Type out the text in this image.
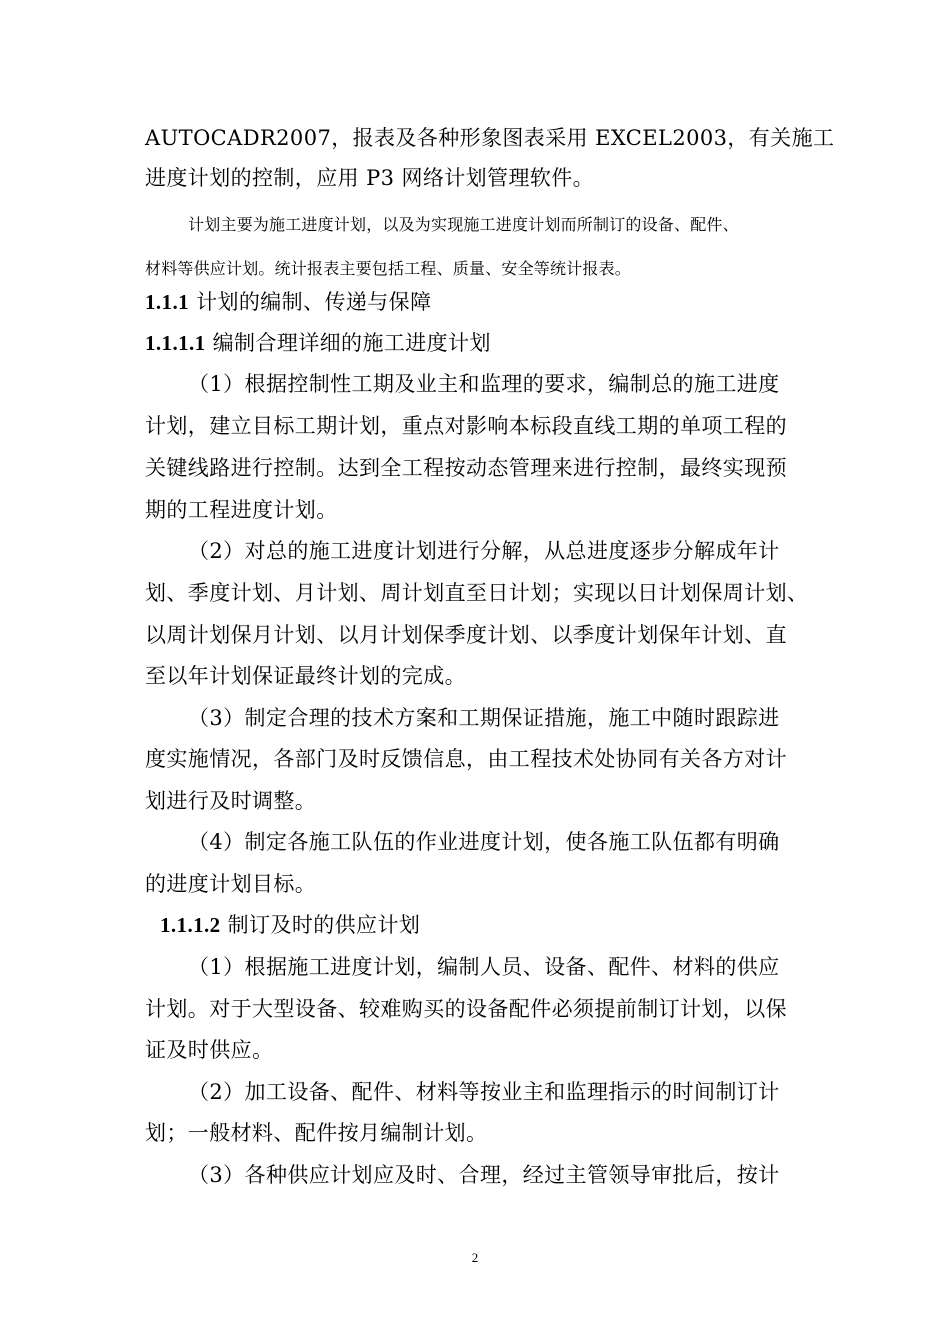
AUTOCADR2007，报表及各种形象图表采用 EXCEL2003，有关施工
进度计划的控制，应用 P3 网络计划管理软件。
计划主要为施工进度计划，以及为实现施工进度计划而所制订的设备、配件、
材料等供应计划。统计报表主要包括工程、质量、安全等统计报表。
1.1.1 计划的编制、传递与保障
1.1.1.1 编制合理详细的施工进度计划
（1）根据控制性工期及业主和监理的要求，编制总的施工进度
计划，建立目标工期计划，重点对影响本标段直线工期的单项工程的
关键线路进行控制。达到全工程按动态管理来进行控制，最终实现预
期的工程进度计划。
（2）对总的施工进度计划进行分解，从总进度逐步分解成年计
划、季度计划、月计划、周计划直至日计划；实现以日计划保周计划、
以周计划保月计划、以月计划保季度计划、以季度计划保年计划、直
至以年计划保证最终计划的完成。
（3）制定合理的技术方案和工期保证措施，施工中随时跟踪进
度实施情况，各部门及时反馈信息，由工程技术处协同有关各方对计
划进行及时调整。
（4）制定各施工队伍的作业进度计划，使各施工队伍都有明确
的进度计划目标。
1.1.1.2 制订及时的供应计划
（1）根据施工进度计划，编制人员、设备、配件、材料的供应
计划。对于大型设备、较难购买的设备配件必须提前制订计划，以保
证及时供应。
（2）加工设备、配件、材料等按业主和监理指示的时间制订计
划；一般材料、配件按月编制计划。
（3）各种供应计划应及时、合理，经过主管领导审批后，按计
2
